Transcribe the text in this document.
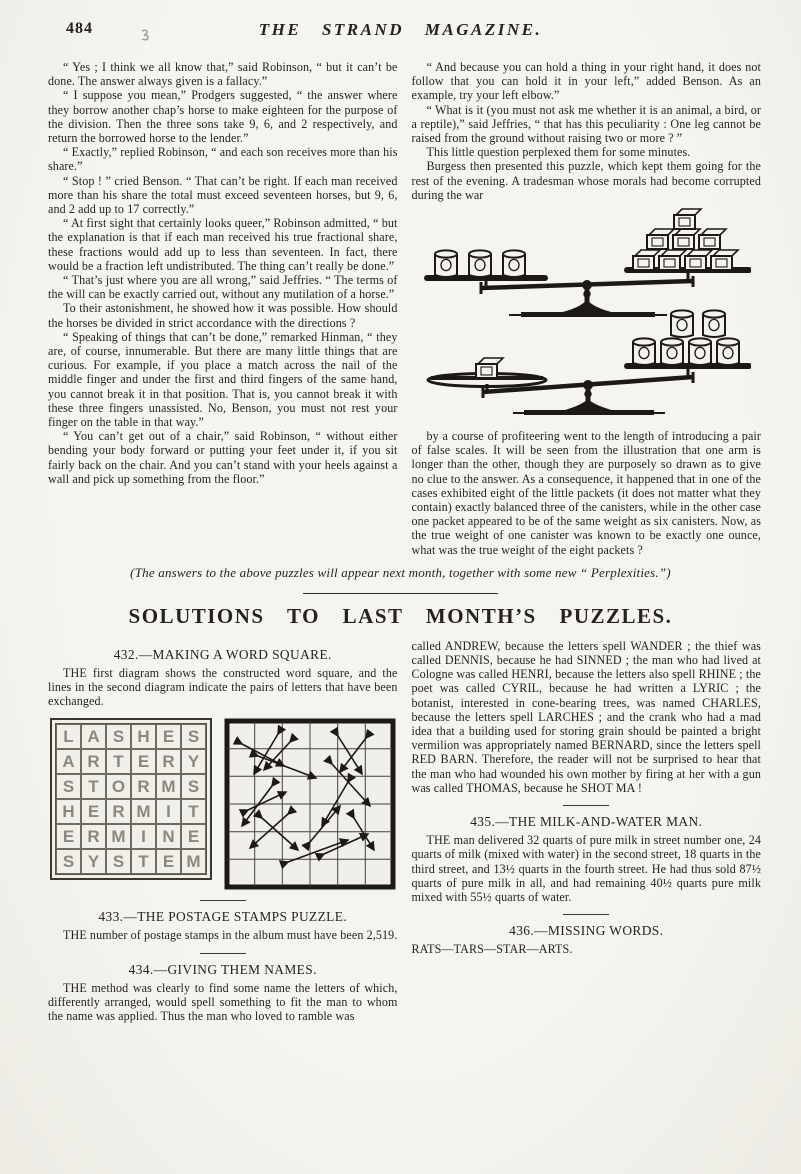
484	THE STRAND MAGAZINE.

“ Yes ; I think we all know that,” said Robinson, “ but it can’t be done. The answer always given is a fallacy.”

“ I suppose you mean,” Prodgers suggested, “ the answer where they borrow another chap’s horse to make eighteen for the purpose of the division. Then the three sons take 9, 6, and 2 respectively, and return the borrowed horse to the lender.”

“ Exactly,” replied Robinson, “ and each son receives more than his share.”

“ Stop ! ” cried Benson. “ That can’t be right. If each man received more than his share the total must exceed seventeen horses, but 9, 6, and 2 add up to 17 correctly.”

“ At first sight that certainly looks queer,” Robinson admitted, “ but the explanation is that if each man received his true fractional share, these fractions would add up to less than seventeen. In fact, there would be a fraction left undistributed. The thing can’t really be done.”

“ That’s just where you are all wrong,” said Jeffries. “ The terms of the will can be exactly carried out, without any mutilation of a horse.”

To their astonishment, he showed how it was possible. How should the horses be divided in strict accordance with the directions ?

“ Speaking of things that can’t be done,” remarked Hinman, “ they are, of course, innumerable. But there are many little things that are curious. For example, if you place a match across the nail of the middle finger and under the first and third fingers of the same hand, you cannot break it in that position. That is, you cannot break it with these three fingers unassisted. No, Benson, you must not rest your finger on the table in that way.”

“ You can’t get out of a chair,” said Robinson, “ without either bending your body forward or putting your feet under it, if you sit fairly back on the chair. And you can’t stand with your heels against a wall and pick up something from the floor.”

“ And because you can hold a thing in your right hand, it does not follow that you can hold it in your left,” added Benson. As an example, try your left elbow.”

“ What is it (you must not ask me whether it is an animal, a bird, or a reptile),” said Jeffries, “ that has this peculiarity : One leg cannot be raised from the ground without raising two or more ? ”

This little question perplexed them for some minutes.

Burgess then presented this puzzle, which kept them going for the rest of the evening. A tradesman whose morals had become corrupted during the war

by a course of profiteering went to the length of introducing a pair of false scales. It will be seen from the illustration that one arm is longer than the other, though they are purposely so drawn as to give no clue to the answer. As a consequence, it happened that in one of the cases exhibited eight of the little packets (it does not matter what they contain) exactly balanced three of the canisters, while in the other case one packet appeared to be of the same weight as six canisters. Now, as the true weight of one canister was known to be exactly one ounce, what was the true weight of the eight packets ?

(The answers to the above puzzles will appear next month, together with some new “ Perplexities.”)
SOLUTIONS TO LAST MONTH’S PUZZLES.
432.—MAKING A WORD SQUARE.

THE first diagram shows the constructed word square, and the lines in the second diagram indicate the pairs of letters that have been exchanged.

L A S H E S
A R T E R Y
S T O R M S
H E R M I	T
E R M I N E
S Y S T E M
433.—THE POSTAGE STAMPS PUZZLE.

THE number of postage stamps in the album must have been 2,519.

434.—GIVING THEM NAMES.

THE method was clearly to find some name the letters of which, differently arranged, would spell something to fit the man to whom the name was applied. Thus the man who loved to ramble was

called ANDREW, because the letters spell WANDER ; the thief was called DENNIS, because he had SINNED ; the man who had lived at Cologne was called HENRI, because the letters also spell RHINE ; the poet was called CYRIL, because he had written a LYRIC ; the botanist, interested in cone-bearing trees, was named CHARLES, because the letters spell LARCHES ; and the crank who had a mad idea that a building used for storing grain should be painted a bright vermilion was appropriately named BERNARD, since the letters spell RED BARN. Therefore, the reader will not be surprised to hear that the man who had wounded his own mother by firing at her with a gun was called THOMAS, because he SHOT MA !

435.—THE MILK-AND-WATER MAN.

THE man delivered 32 quarts of pure milk in street number one, 24 quarts of milk (mixed with water) in the second street, 18 quarts in the third street, and 13½ quarts in the fourth street. He had thus sold 87½ quarts of pure milk in all, and had remaining 40½ quarts pure milk mixed with 55½ quarts of water.

436.—MISSING WORDS.

RATS—TARS—STAR—ARTS.
